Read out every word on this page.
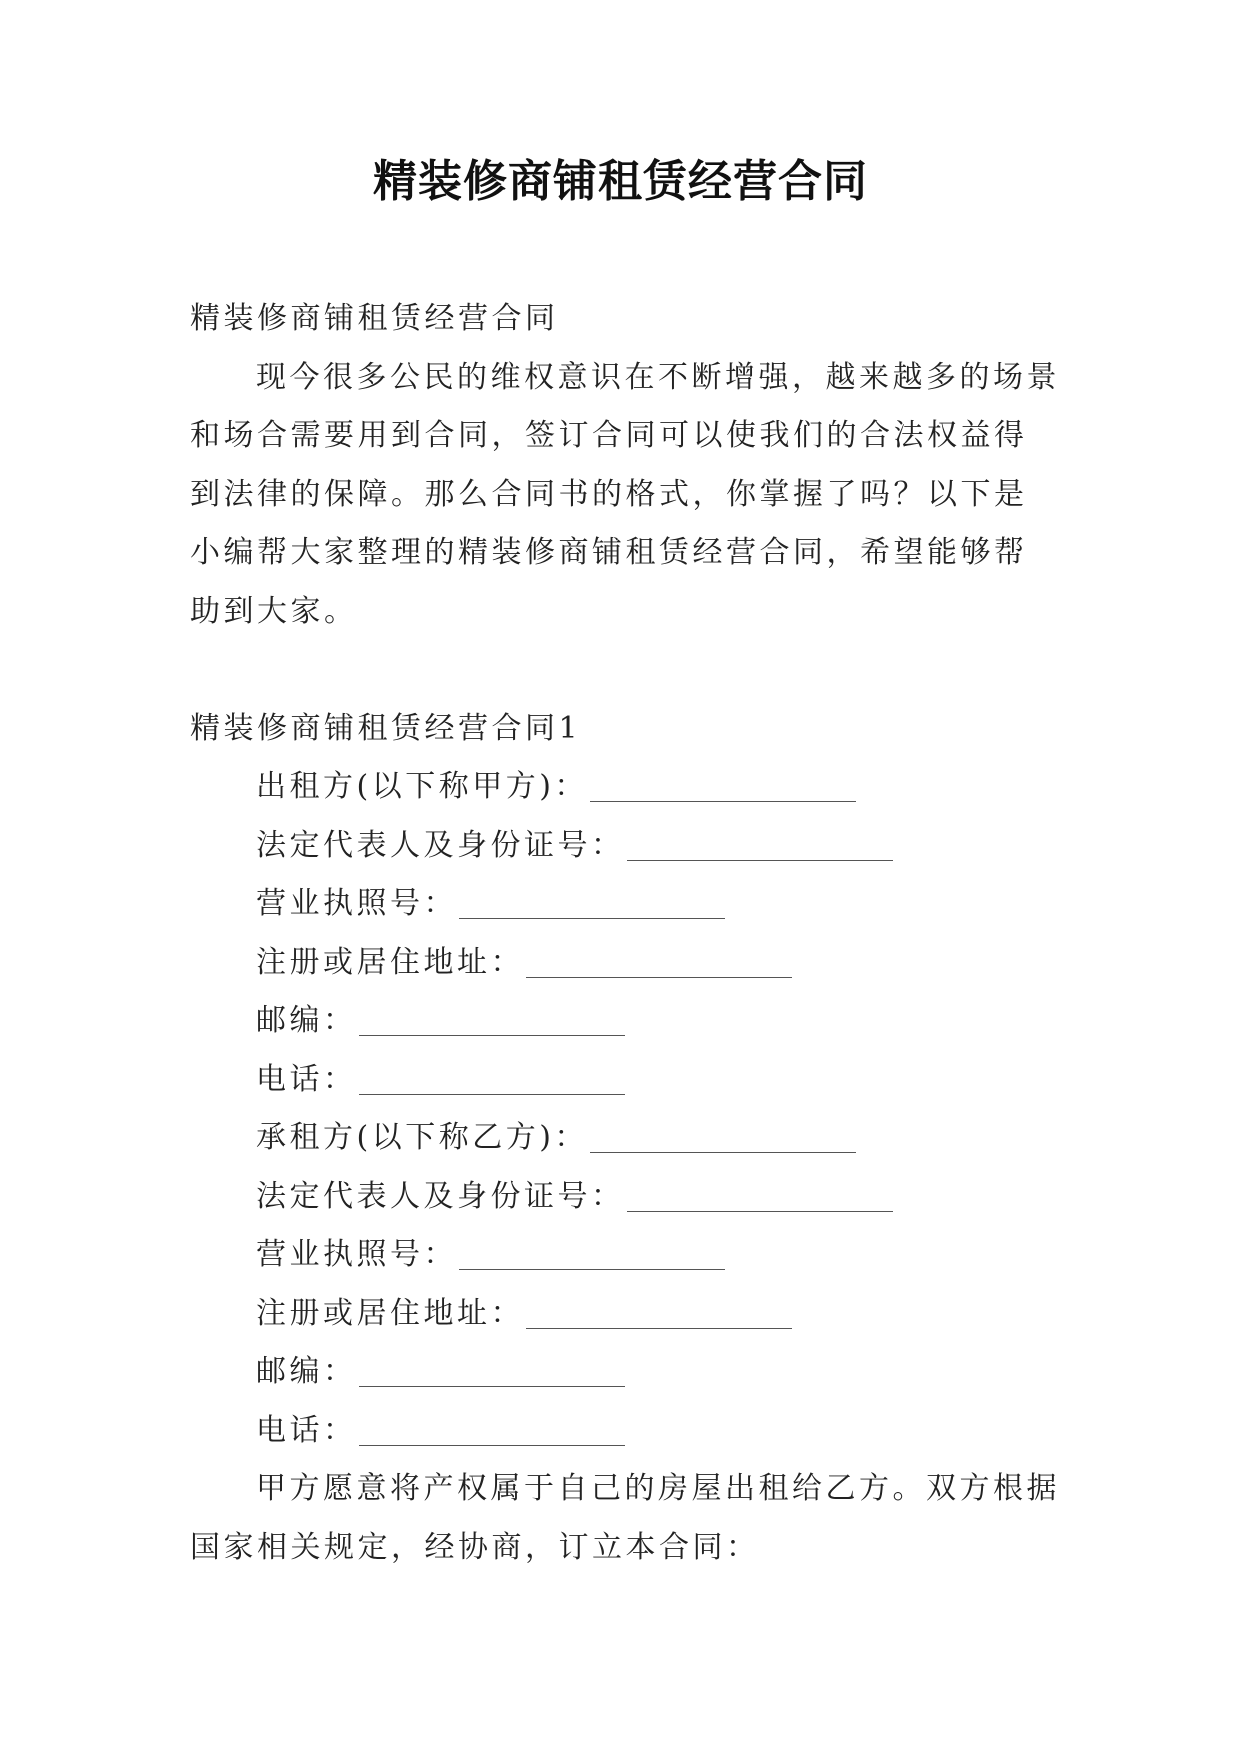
精装修商铺租赁经营合同

精装修商铺租赁经营合同

现今很多公民的维权意识在不断增强，越来越多的场景和场合需要用到合同，签订合同可以使我们的合法权益得到法律的保障。那么合同书的格式，你掌握了吗？以下是小编帮大家整理的精装修商铺租赁经营合同，希望能够帮助到大家。

精装修商铺租赁经营合同1

出租方(以下称甲方)：
法定代表人及身份证号：
营业执照号：
注册或居住地址：
邮编：
电话：
承租方(以下称乙方)：
法定代表人及身份证号：
营业执照号：
注册或居住地址：
邮编：
电话：

甲方愿意将产权属于自己的房屋出租给乙方。双方根据国家相关规定，经协商，订立本合同：
